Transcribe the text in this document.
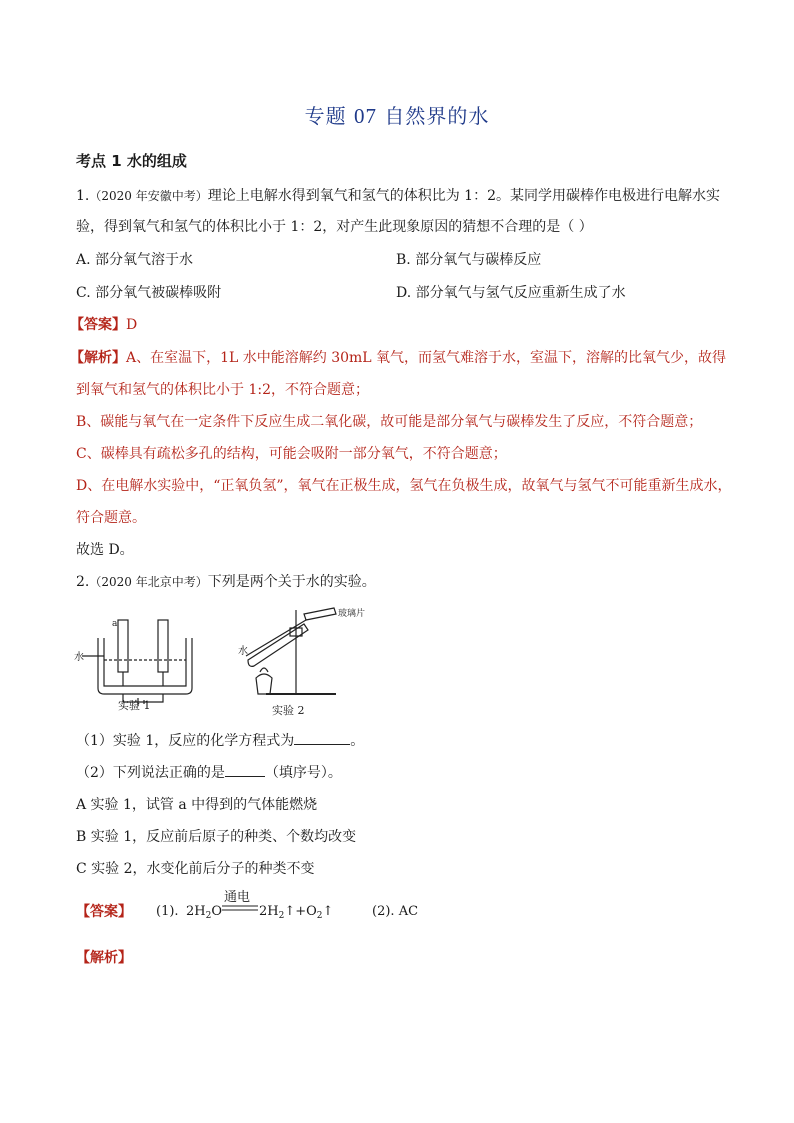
专题 07 自然界的水
考点 1 水的组成
1.（2020 年安徽中考）理论上电解水得到氧气和氢气的体积比为 1：2。某同学用碳棒作电极进行电解水实
验，得到氧气和氢气的体积比小于 1：2，对产生此现象原因的猜想不合理的是（ ）
A. 部分氧气溶于水	B. 部分氧气与碳棒反应
C. 部分氧气被碳棒吸附	D. 部分氧气与氢气反应重新生成了水
【答案】D
【解析】A、在室温下，1L 水中能溶解约 30mL 氧气，而氢气难溶于水，室温下，溶解的比氧气少，故得
到氧气和氢气的体积比小于 1:2，不符合题意；
B、碳能与氧气在一定条件下反应生成二氧化碳，故可能是部分氧气与碳棒发生了反应，不符合题意；
C、碳棒具有疏松多孔的结构，可能会吸附一部分氧气，不符合题意；
D、在电解水实验中，“正氧负氢”，氧气在正极生成，氢气在负极生成，故氧气与氢气不可能重新生成水，
符合题意。
故选 D。
2.（2020 年北京中考）下列是两个关于水的实验。
水
a
实验 1
水
玻璃片
实验 2
（1）实验 1，反应的化学方程式为	。
（2）下列说法正确的是	（填序号）。
A 实验 1，试管 a 中得到的气体能燃烧
B 实验 1，反应前后原子的种类、个数均改变
C 实验 2，水变化前后分子的种类不变
【答案】 (1). $2H_2O$
通电
$2H_2↑+O_2↑$	(2). AC
【解析】
